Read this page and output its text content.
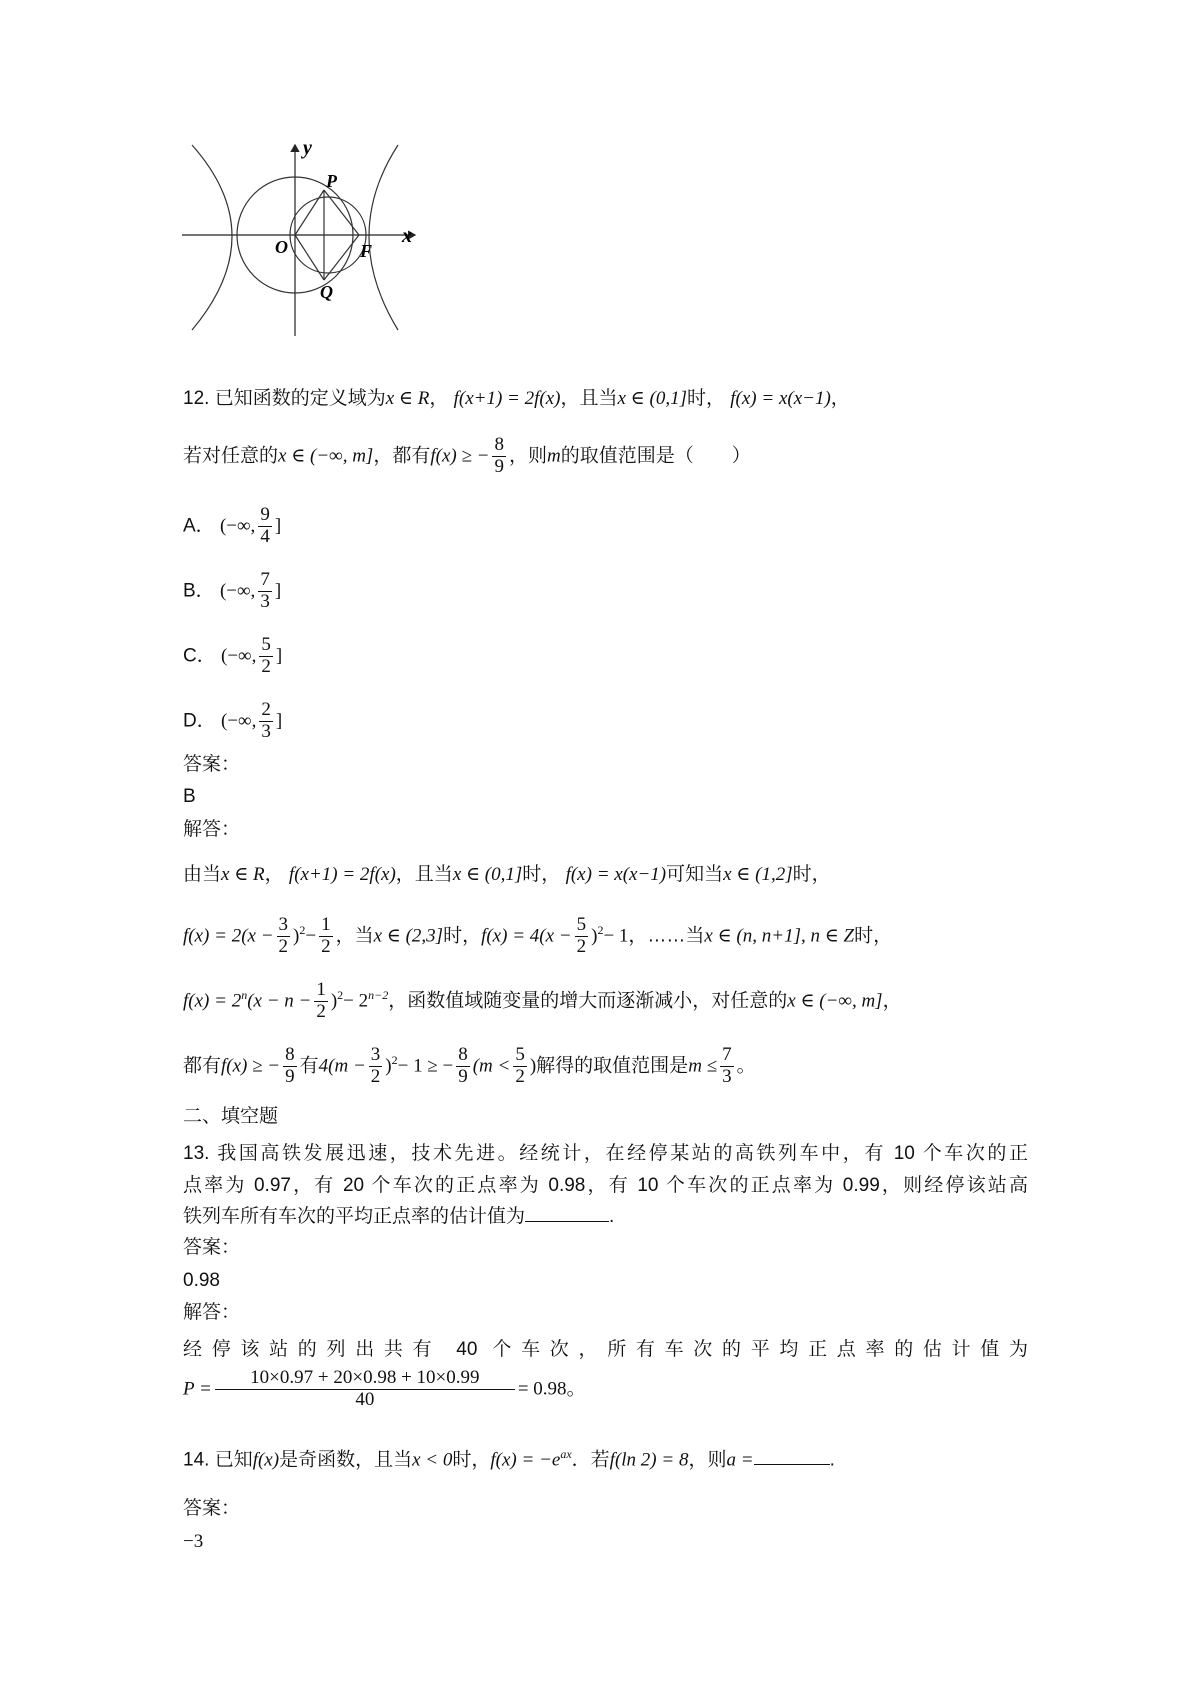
y
x
P
O	F
Q
12. 已知函数的定义域为x ∈ R， f(x+1) = 2f(x)，且当x ∈ (0,1]时， f(x) = x(x−1)，
若对任意的x ∈ (−∞, m]，都有f(x) ≥ − $\frac{8}{9}$ ，则m的取值范围是（　　）
A． (−∞, $\frac{9}{4}$ ]
B． (−∞, $\frac{7}{3}$ ]
C． (−∞, $\frac{5}{2}$ ]
D． (−∞, $\frac{2}{3}$ ]
答案：
B
解答：
由当x ∈ R， f(x+1) = 2f(x)，且当x ∈ (0,1]时， f(x) = x(x−1)可知当x ∈ (1,2]时，
$f(x) = 2(x - \frac{3}{2} )^2- \frac{1}{2}$ ，当x ∈ (2,3]时，$f(x) = 4(x - \frac{5}{2} )^2- 1$，……当x ∈ (n, n+1], n ∈ Z时，
$f(x) = 2^n(x - n - \frac{1}{2} )^2- 2^{n-2}$，函数值域随变量的增大而逐渐减小，对任意的x ∈ (−∞, m]，
都有f(x) ≥ − $\frac{8}{9}$ 有$4(m - \frac{3}{2} )^2- 1$ ≥ − $\frac{8}{9} (m < \frac{5}{2}$ )解得的取值范围是$m \le \frac{7}{3}$ 。
二、填空题
13. 我国高铁发展迅速，技术先进。经统计，在经停某站的高铁列车中，有 10 个车次的正
点率为 0.97，有 20 个车次的正点率为 0.98，有 10 个车次的正点率为 0.99，则经停该站高
铁列车所有车次的平均正点率的估计值为	.
答案：
0.98
解答：
经停该站的列出共有 40 个车次，所有车次的平均正点率的估计值为
$P = \frac{10\times 0.97 + 20\times 0.98 + 10\times 0.99}{40} = 0.98$。
14. 已知f(x)是奇函数，且当x < 0时，$f(x) = -e^{ax}$．若f(ln 2) = 8，则a =	.
答案：
−3
